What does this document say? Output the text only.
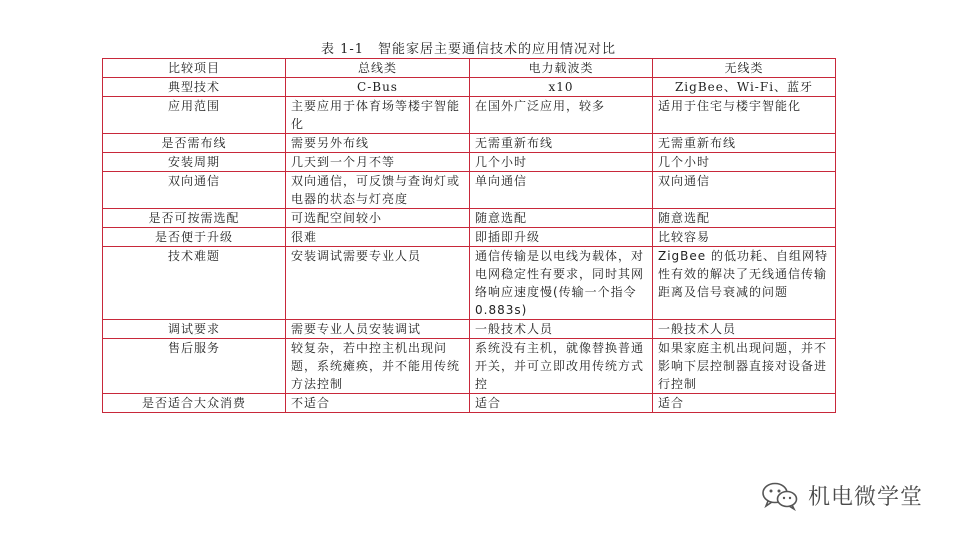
表 1-1 智能家居主要通信技术的应用情况对比
比较项目	总线类	电力载波类	无线类
典型技术	C-Bus	x10	ZigBee、Wi-Fi、蓝牙
应用范围	主要应用于体育场等楼宇智能化	在国外广泛应用，较多	适用于住宅与楼宇智能化
是否需布线	需要另外布线	无需重新布线	无需重新布线
安装周期	几天到一个月不等	几个小时	几个小时
双向通信	双向通信，可反馈与查询灯或电器的状态与灯亮度	单向通信	双向通信
是否可按需选配	可选配空间较小	随意选配	随意选配
是否便于升级	很难	即插即升级	比较容易
技术难题	安装调试需要专业人员	通信传输是以电线为载体，对电网稳定性有要求，同时其网络响应速度慢(传输一个指令 0.883s)	ZigBee 的低功耗、自组网特性有效的解决了无线通信传输距离及信号衰减的问题
调试要求	需要专业人员安装调试	一般技术人员	一般技术人员
售后服务	较复杂，若中控主机出现问题，系统瘫痪，并不能用传统方法控制	系统没有主机，就像替换普通开关，并可立即改用传统方式控	如果家庭主机出现问题，并不影响下层控制器直接对设备进行控制
是否适合大众消费	不适合	适合	适合
机电微学堂
